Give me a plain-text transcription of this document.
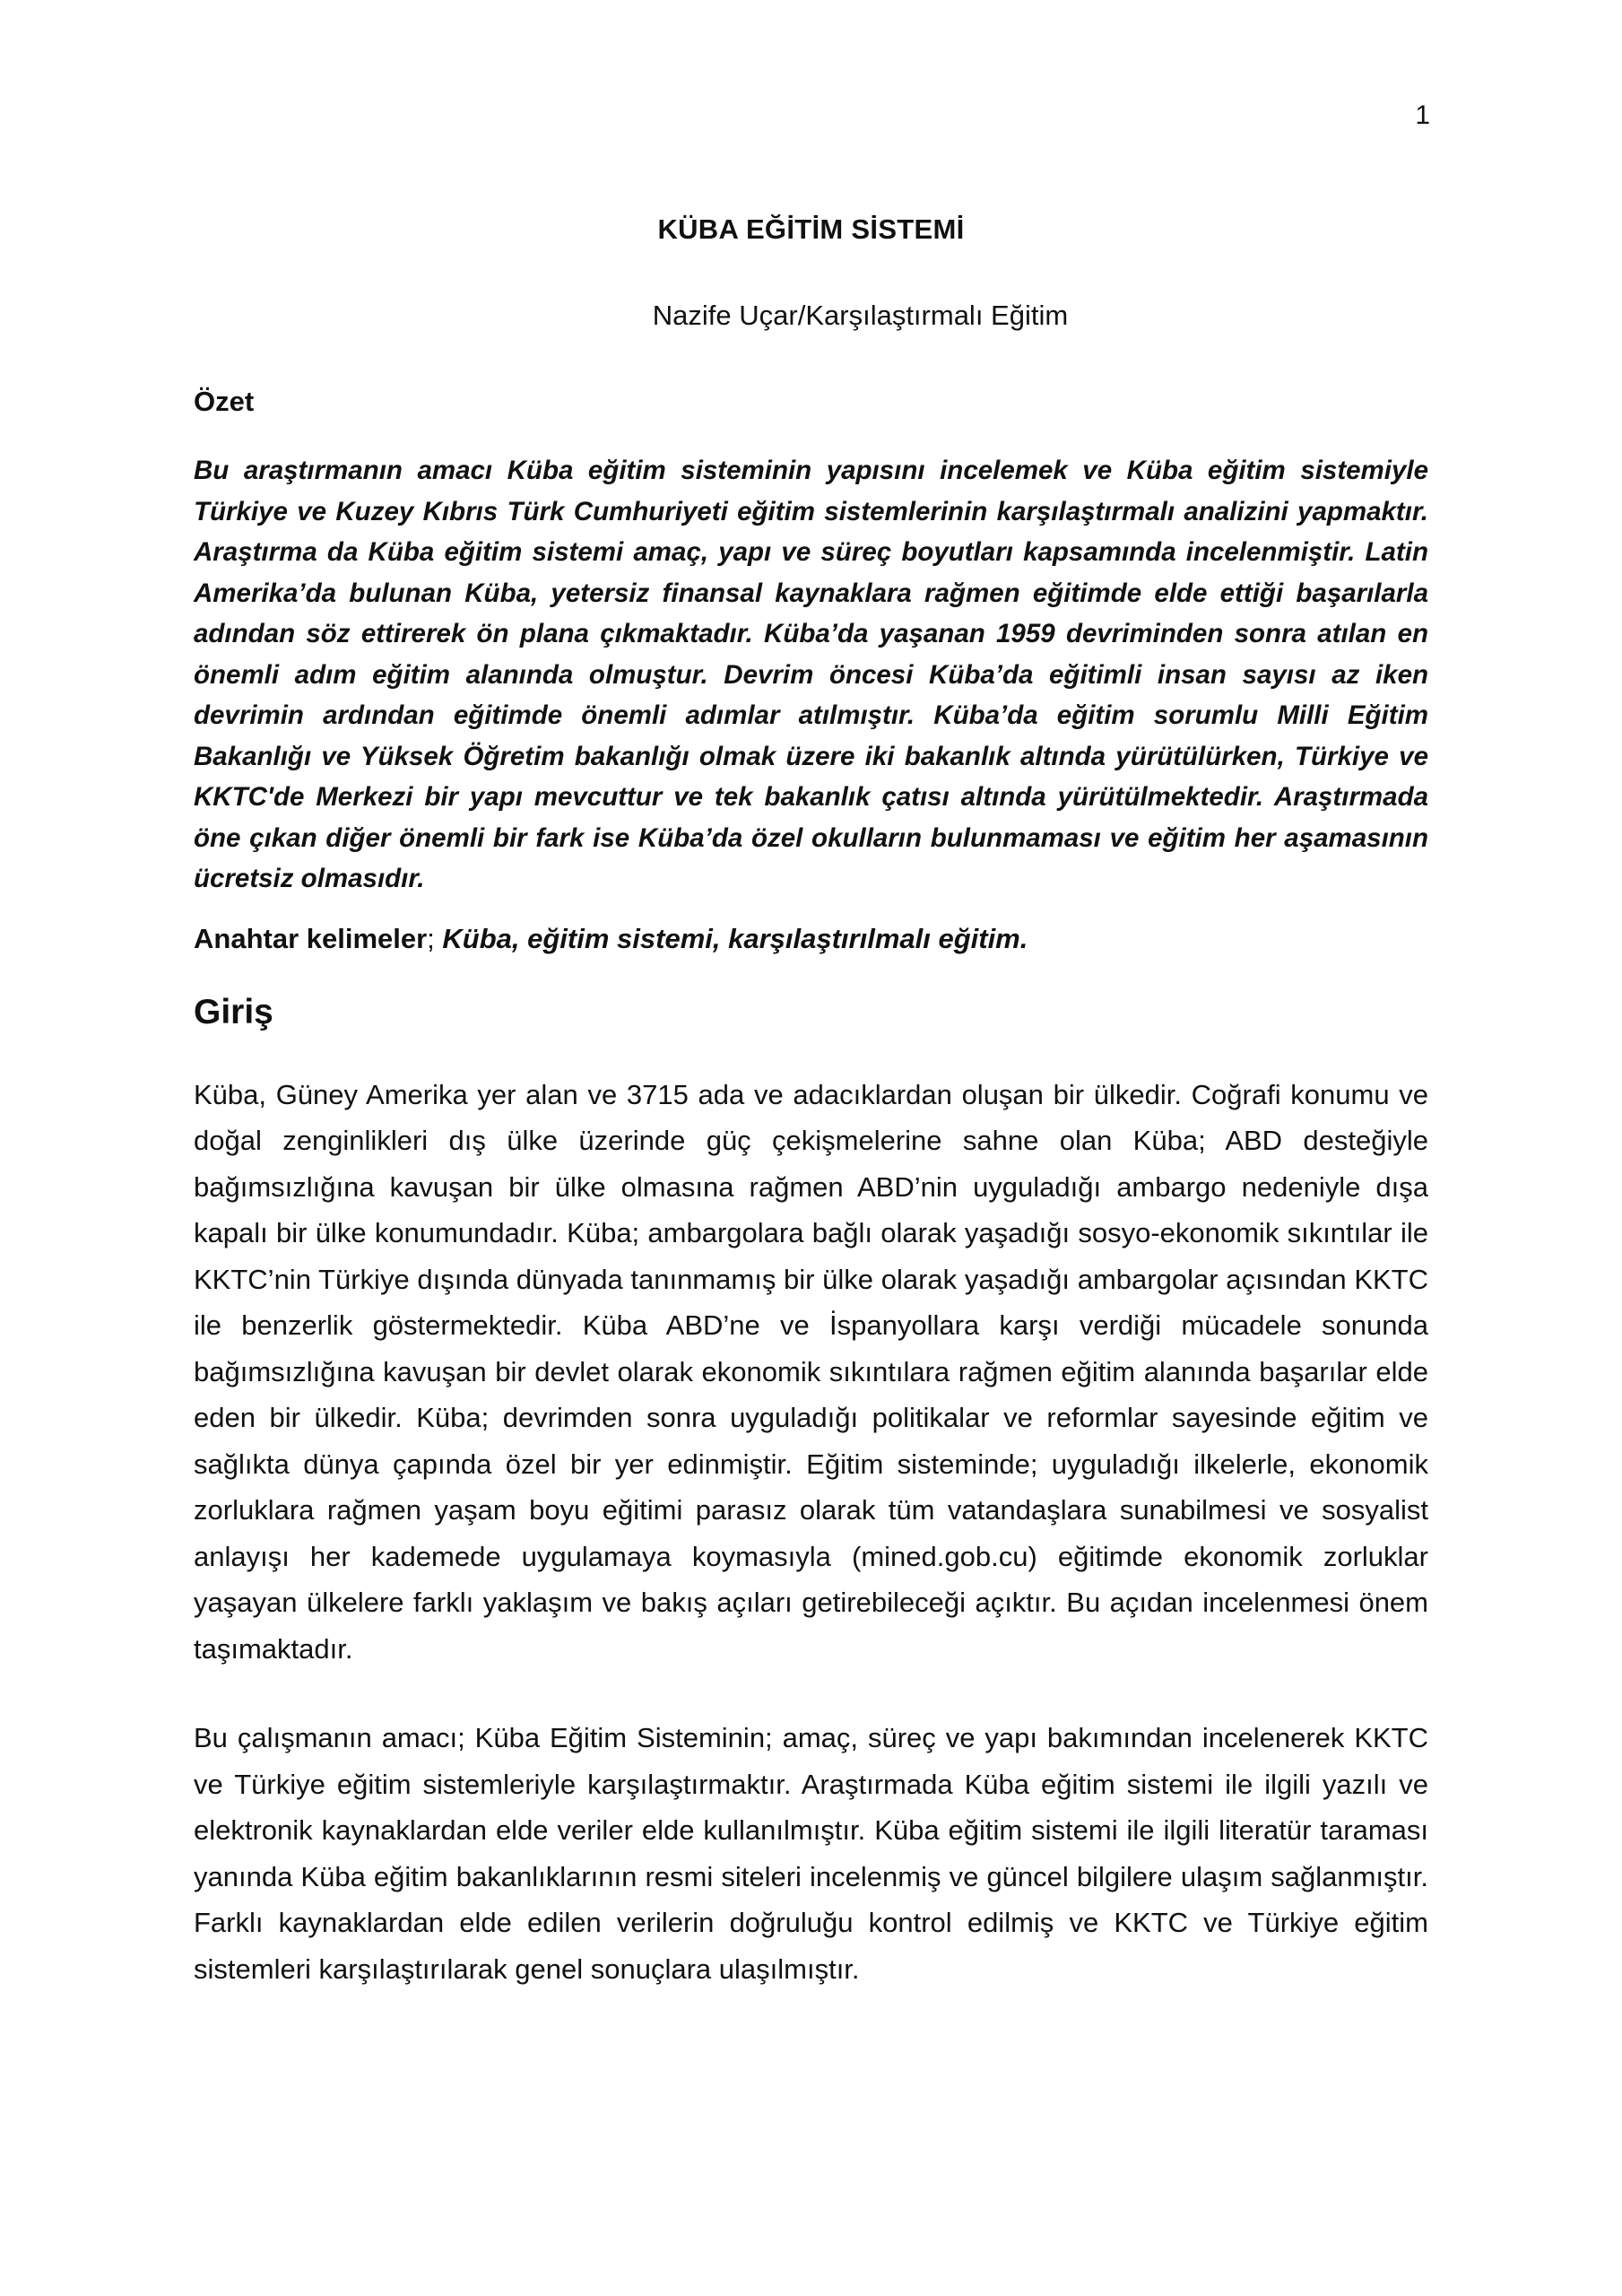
1
KÜBA EĞİTİM SİSTEMİ

Nazife Uçar/Karşılaştırmalı Eğitim

Özet

Bu araştırmanın amacı Küba eğitim sisteminin yapısını incelemek ve Küba eğitim sistemiyle Türkiye ve Kuzey Kıbrıs Türk Cumhuriyeti eğitim sistemlerinin karşılaştırmalı analizini yapmaktır. Araştırma da Küba eğitim sistemi amaç, yapı ve süreç boyutları kapsamında incelenmiştir. Latin Amerika’da bulunan Küba, yetersiz finansal kaynaklara rağmen eğitimde elde ettiği başarılarla adından söz ettirerek ön plana çıkmaktadır. Küba’da yaşanan 1959 devriminden sonra atılan en önemli adım eğitim alanında olmuştur. Devrim öncesi Küba’da eğitimli insan sayısı az iken devrimin ardından eğitimde önemli adımlar atılmıştır. Küba’da eğitim sorumlu Milli Eğitim Bakanlığı ve Yüksek Öğretim bakanlığı olmak üzere iki bakanlık altında yürütülürken, Türkiye ve KKTC'de Merkezi bir yapı mevcuttur ve tek bakanlık çatısı altında yürütülmektedir. Araştırmada öne çıkan diğer önemli bir fark ise Küba’da özel okulların bulunmaması ve eğitim her aşamasının ücretsiz olmasıdır.

Anahtar kelimeler; Küba, eğitim sistemi, karşılaştırılmalı eğitim.

Giriş

Küba, Güney Amerika yer alan ve 3715 ada ve adacıklardan oluşan bir ülkedir. Coğrafi konumu ve doğal zenginlikleri dış ülke üzerinde güç çekişmelerine sahne olan Küba; ABD desteğiyle bağımsızlığına kavuşan bir ülke olmasına rağmen ABD’nin uyguladığı ambargo nedeniyle dışa kapalı bir ülke konumundadır. Küba; ambargolara bağlı olarak yaşadığı sosyo-ekonomik sıkıntılar ile KKTC’nin Türkiye dışında dünyada tanınmamış bir ülke olarak yaşadığı ambargolar açısından KKTC ile benzerlik göstermektedir. Küba ABD’ne ve İspanyollara karşı verdiği mücadele sonunda bağımsızlığına kavuşan bir devlet olarak ekonomik sıkıntılara rağmen eğitim alanında başarılar elde eden bir ülkedir. Küba; devrimden sonra uyguladığı politikalar ve reformlar sayesinde eğitim ve sağlıkta dünya çapında özel bir yer edinmiştir. Eğitim sisteminde; uyguladığı ilkelerle, ekonomik zorluklara rağmen yaşam boyu eğitimi parasız olarak tüm vatandaşlara sunabilmesi ve sosyalist anlayışı her kademede uygulamaya koymasıyla (mined.gob.cu) eğitimde ekonomik zorluklar yaşayan ülkelere farklı yaklaşım ve bakış açıları getirebileceği açıktır. Bu açıdan incelenmesi önem taşımaktadır.

Bu çalışmanın amacı; Küba Eğitim Sisteminin; amaç, süreç ve yapı bakımından incelenerek KKTC ve Türkiye eğitim sistemleriyle karşılaştırmaktır. Araştırmada Küba eğitim sistemi ile ilgili yazılı ve elektronik kaynaklardan elde veriler elde kullanılmıştır. Küba eğitim sistemi ile ilgili literatür taraması yanında Küba eğitim bakanlıklarının resmi siteleri incelenmiş ve güncel bilgilere ulaşım sağlanmıştır. Farklı kaynaklardan elde edilen verilerin doğruluğu kontrol edilmiş ve KKTC ve Türkiye eğitim sistemleri karşılaştırılarak genel sonuçlara ulaşılmıştır.
